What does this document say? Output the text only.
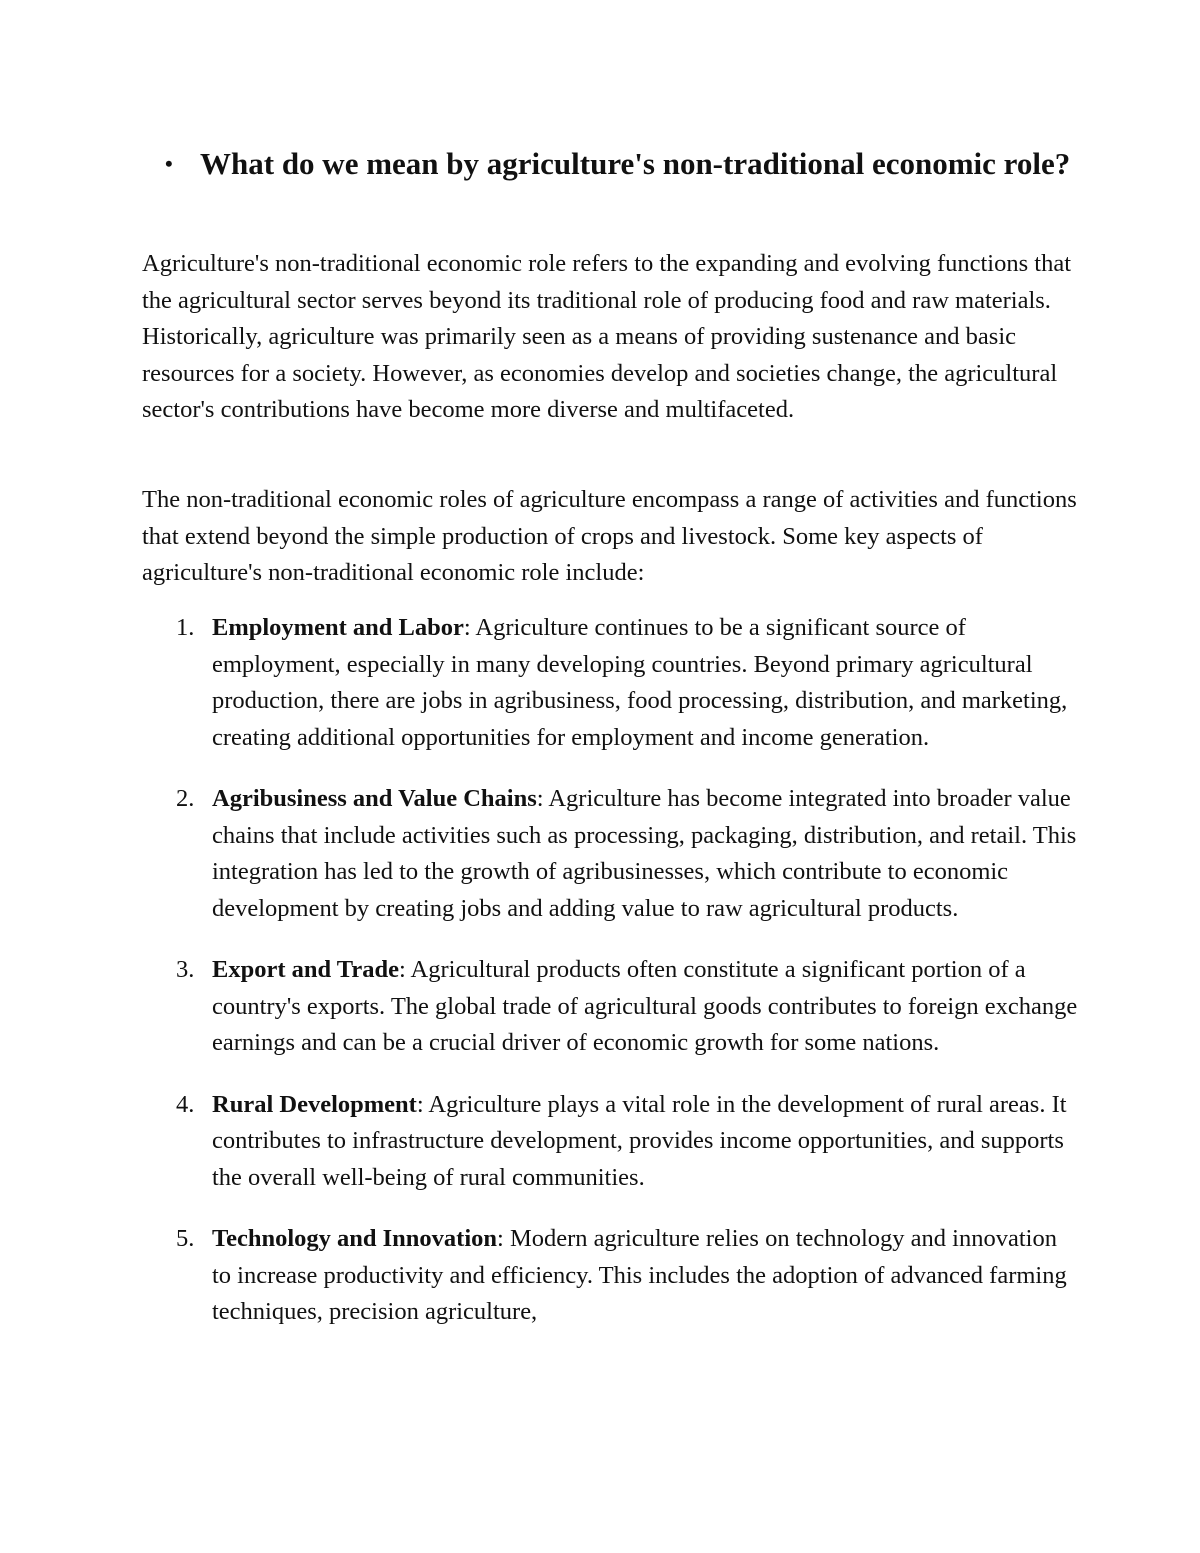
• What do we mean by agriculture's non-traditional economic role?

Agriculture's non-traditional economic role refers to the expanding and evolving functions that the agricultural sector serves beyond its traditional role of producing food and raw materials. Historically, agriculture was primarily seen as a means of providing sustenance and basic resources for a society. However, as economies develop and societies change, the agricultural sector's contributions have become more diverse and multifaceted.

The non-traditional economic roles of agriculture encompass a range of activities and functions that extend beyond the simple production of crops and livestock. Some key aspects of agriculture's non-traditional economic role include:

1. Employment and Labor: Agriculture continues to be a significant source of employment, especially in many developing countries. Beyond primary agricultural production, there are jobs in agribusiness, food processing, distribution, and marketing, creating additional opportunities for employment and income generation.
2. Agribusiness and Value Chains: Agriculture has become integrated into broader value chains that include activities such as processing, packaging, distribution, and retail. This integration has led to the growth of agribusinesses, which contribute to economic development by creating jobs and adding value to raw agricultural products.
3. Export and Trade: Agricultural products often constitute a significant portion of a country's exports. The global trade of agricultural goods contributes to foreign exchange earnings and can be a crucial driver of economic growth for some nations.
4. Rural Development: Agriculture plays a vital role in the development of rural areas. It contributes to infrastructure development, provides income opportunities, and supports the overall well-being of rural communities.
5. Technology and Innovation: Modern agriculture relies on technology and innovation to increase productivity and efficiency. This includes the adoption of advanced farming techniques, precision agriculture,
